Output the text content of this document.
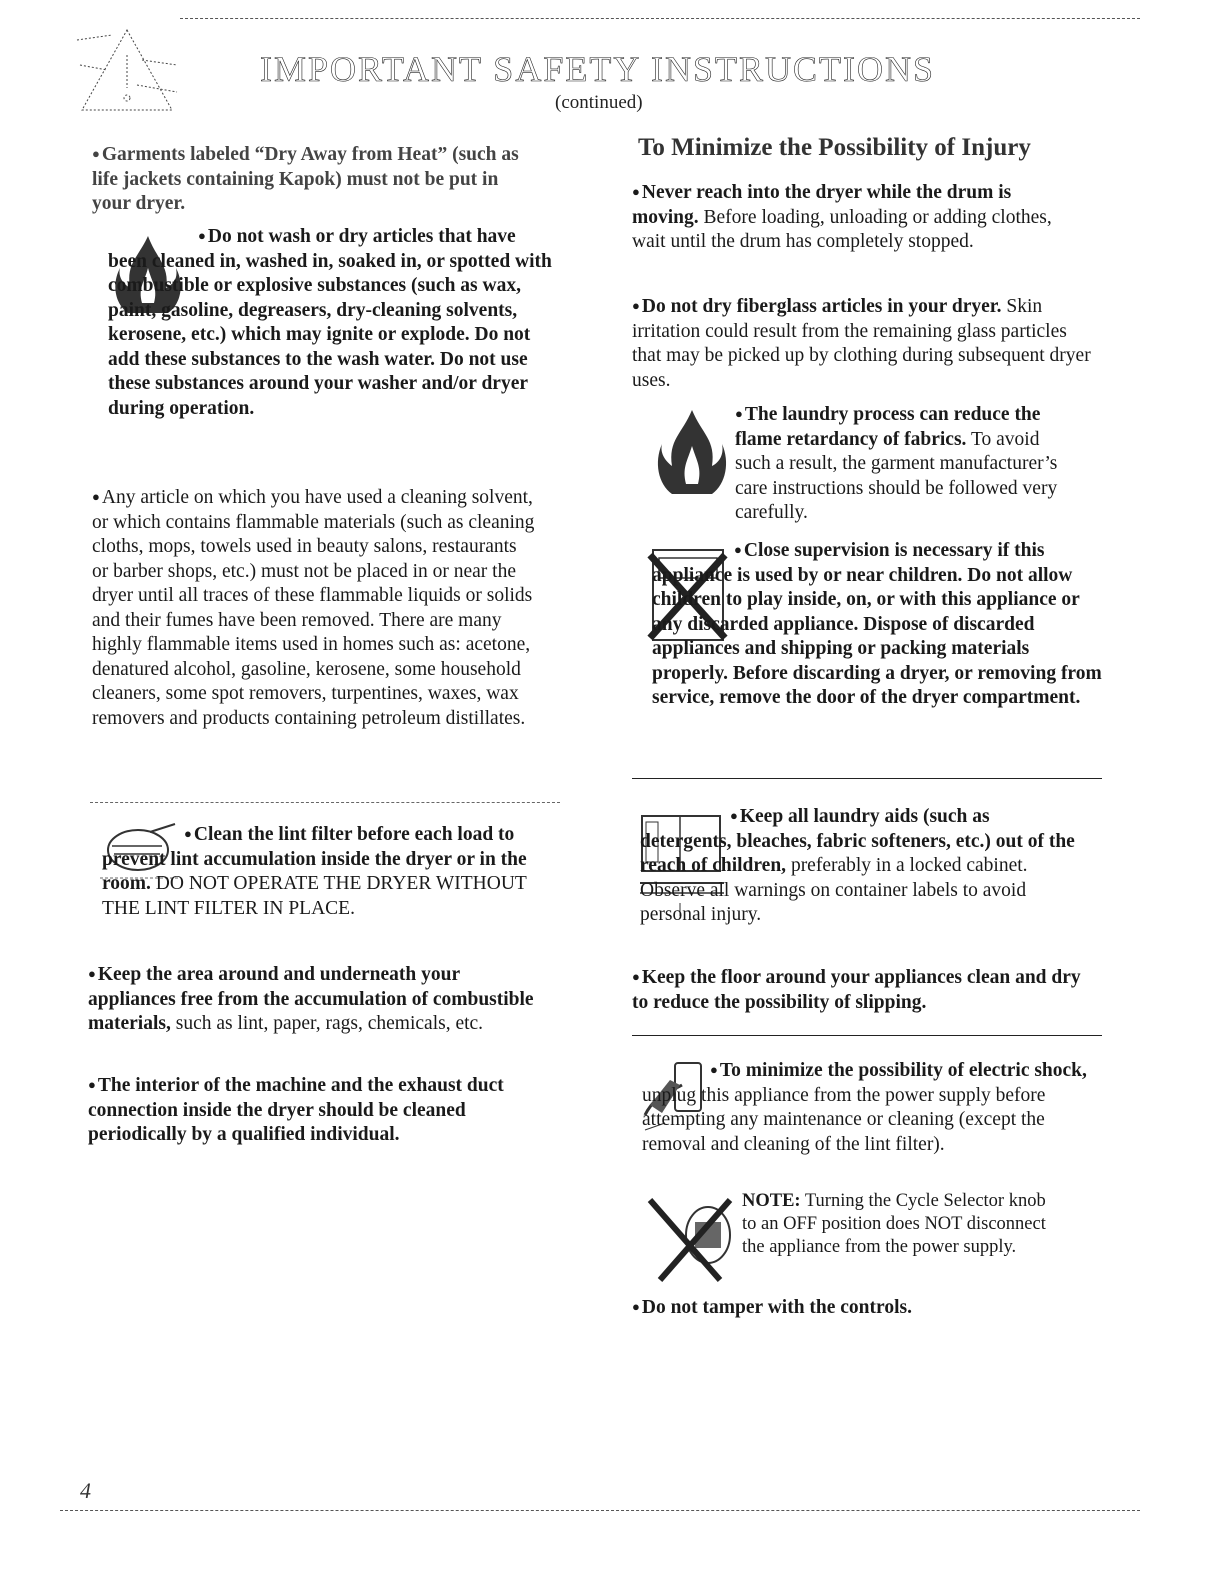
IMPORTANT SAFETY INSTRUCTIONS
(continued)
● Garments labeled “Dry Away from Heat” (such as life jackets containing Kapok) must not be put in your dryer.
● Do not wash or dry articles that have been cleaned in, washed in, soaked in, or spotted with combustible or explosive substances (such as wax, paint, gasoline, degreasers, dry-cleaning solvents, kerosene, etc.) which may ignite or explode. Do not add these substances to the wash water. Do not use these substances around your washer and/or dryer during operation.
● Any article on which you have used a cleaning solvent, or which contains flammable materials (such as cleaning cloths, mops, towels used in beauty salons, restaurants or barber shops, etc.) must not be placed in or near the dryer until all traces of these flammable liquids or solids and their fumes have been removed. There are many highly flammable items used in homes such as: acetone, denatured alcohol, gasoline, kerosene, some household cleaners, some spot removers, turpentines, waxes, wax removers and products containing petroleum distillates.
● Clean the lint filter before each load to prevent lint accumulation inside the dryer or in the room. DO NOT OPERATE THE DRYER WITHOUT THE LINT FILTER IN PLACE.
● Keep the area around and underneath your appliances free from the accumulation of combustible materials, such as lint, paper, rags, chemicals, etc.
● The interior of the machine and the exhaust duct connection inside the dryer should be cleaned periodically by a qualified individual.
To Minimize the Possibility of Injury
● Never reach into the dryer while the drum is moving. Before loading, unloading or adding clothes, wait until the drum has completely stopped.
● Do not dry fiberglass articles in your dryer. Skin irritation could result from the remaining glass particles that may be picked up by clothing during subsequent dryer uses.
● The laundry process can reduce the flame retardancy of fabrics. To avoid such a result, the garment manufacturer’s care instructions should be followed very carefully.
● Close supervision is necessary if this appliance is used by or near children. Do not allow children to play inside, on, or with this appliance or any discarded appliance. Dispose of discarded appliances and shipping or packing materials properly. Before discarding a dryer, or removing from service, remove the door of the dryer compartment.
● Keep all laundry aids (such as detergents, bleaches, fabric softeners, etc.) out of the reach of children, preferably in a locked cabinet. Observe all warnings on container labels to avoid personal injury.
● Keep the floor around your appliances clean and dry to reduce the possibility of slipping.
● To minimize the possibility of electric shock, unplug this appliance from the power supply before attempting any maintenance or cleaning (except the removal and cleaning of the lint filter).
NOTE: Turning the Cycle Selector knob to an OFF position does NOT disconnect the appliance from the power supply.
● Do not tamper with the controls.
4
